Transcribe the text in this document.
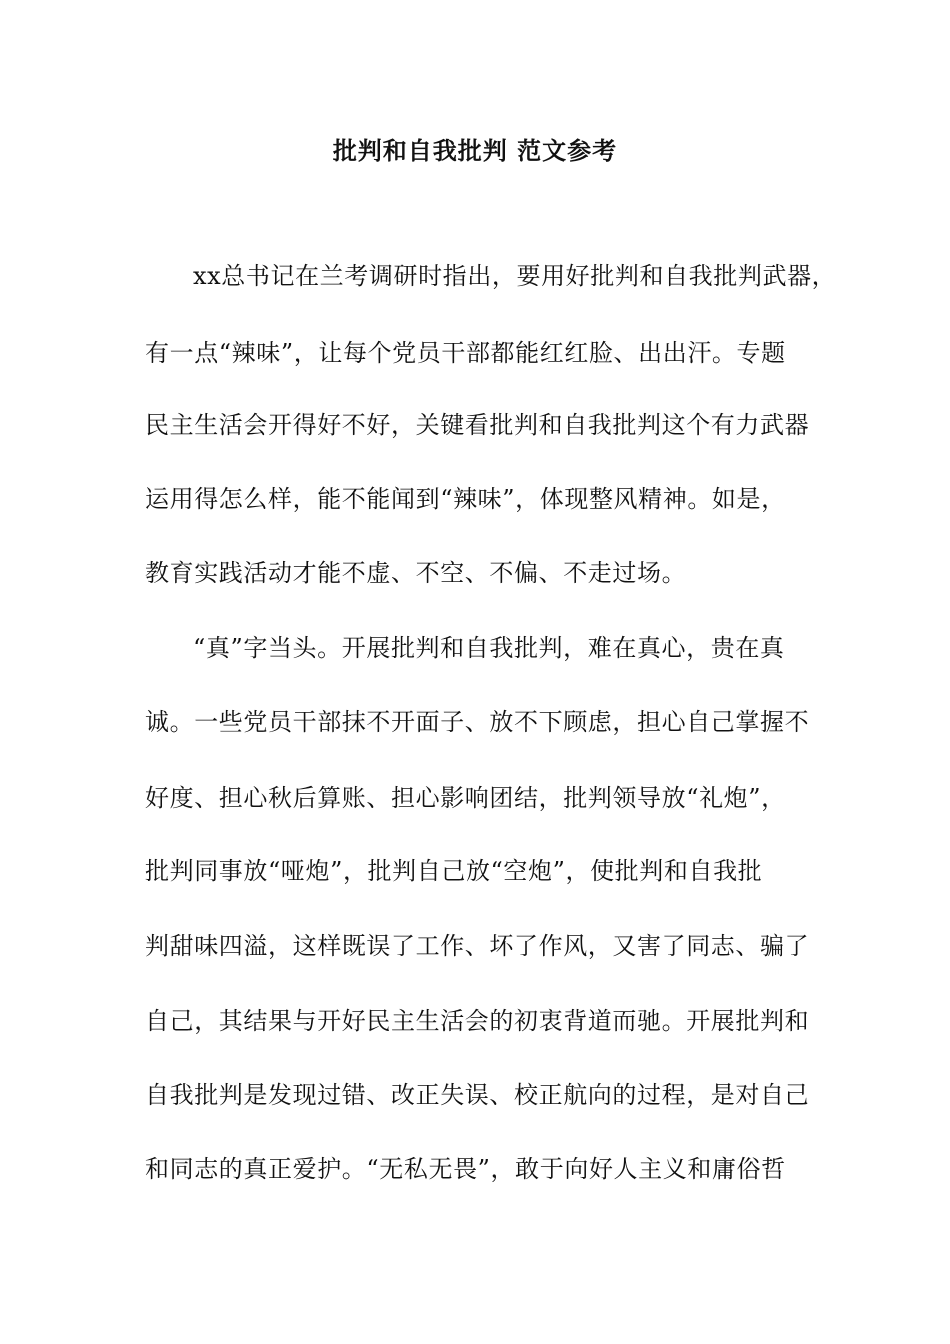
批判和自我批判 范文参考
xx总书记在兰考调研时指出，要用好批判和自我批判武器，
有一点“辣味”，让每个党员干部都能红红脸、出出汗。专题
民主生活会开得好不好，关键看批判和自我批判这个有力武器
运用得怎么样，能不能闻到“辣味”，体现整风精神。如是，
教育实践活动才能不虚、不空、不偏、不走过场。
“真”字当头。开展批判和自我批判，难在真心，贵在真
诚。一些党员干部抹不开面子、放不下顾虑，担心自己掌握不
好度、担心秋后算账、担心影响团结，批判领导放“礼炮”，
批判同事放“哑炮”，批判自己放“空炮”，使批判和自我批
判甜味四溢，这样既误了工作、坏了作风，又害了同志、骗了
自己，其结果与开好民主生活会的初衷背道而驰。开展批判和
自我批判是发现过错、改正失误、校正航向的过程，是对自己
和同志的真正爱护。“无私无畏”，敢于向好人主义和庸俗哲
